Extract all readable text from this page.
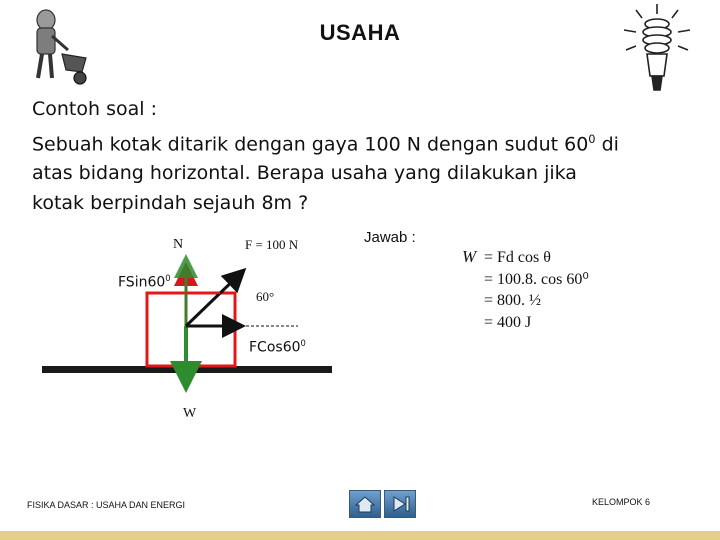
USAHA
Contoh soal :
Sebuah kotak ditarik dengan gaya 100 N dengan sudut $60^0$ di
atas bidang horizontal. Berapa usaha yang dilakukan jika
kotak berpindah sejauh 8m ?
N	F = 100 N
$FSin60^0$
60°
$FCos60^0$
W
Jawab :
W = Fd cos θ
= 100.8. cos 60⁰
= 800. ½
= 400 J
FISIKA DASAR : USAHA DAN ENERGI	KELOMPOK 6
